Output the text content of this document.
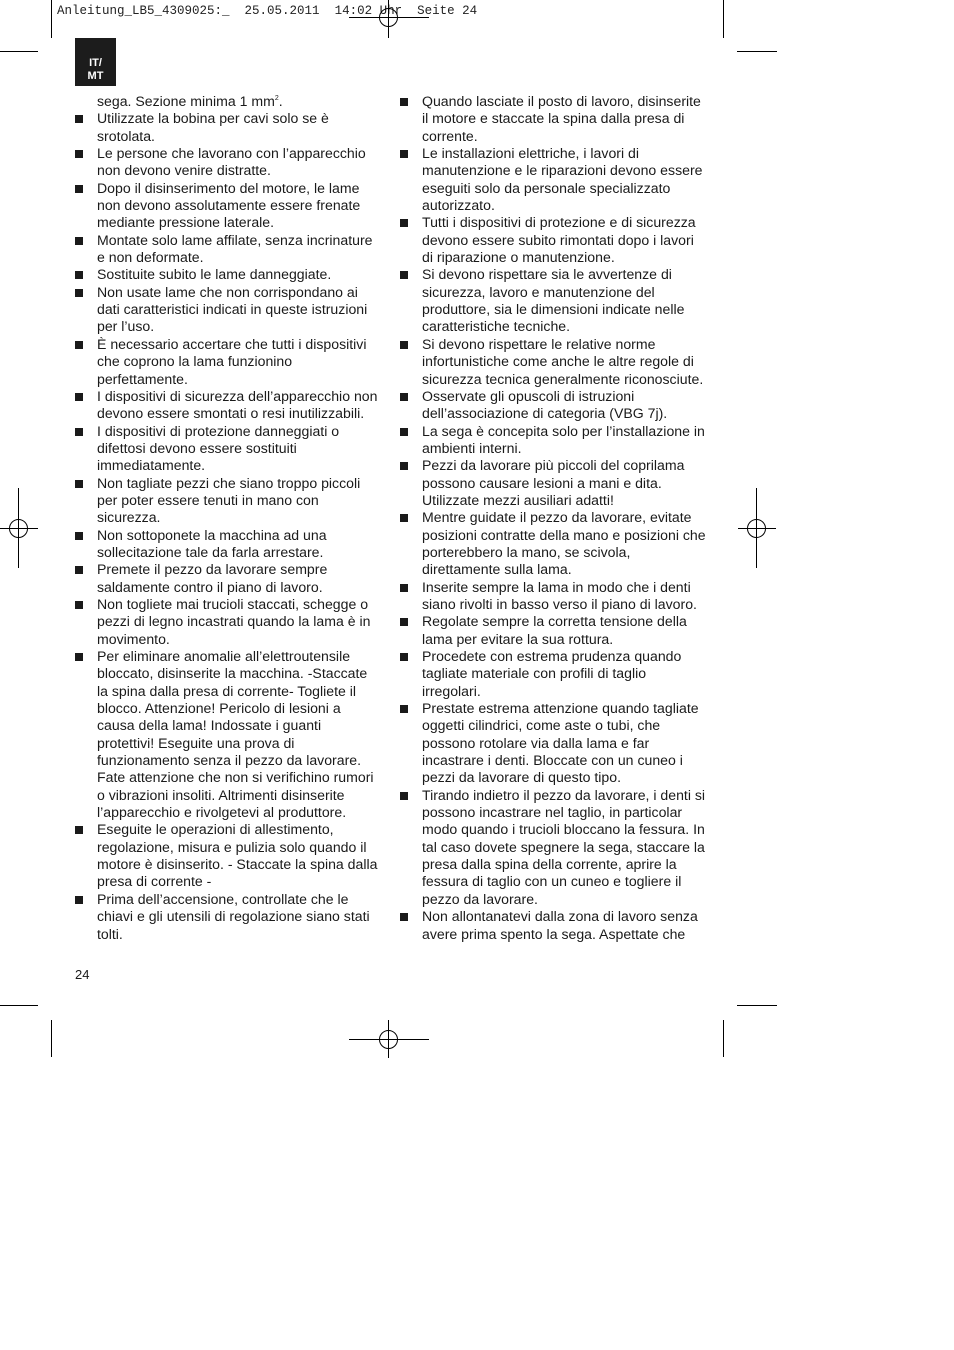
Anleitung_LB5_4309025:_ 25.05.2011 14:02 Uhr Seite 24
IT/
MT
sega. Sezione minima 1 $mm^2$.
Utilizzate la bobina per cavi solo se è srotolata.
Le persone che lavorano con l’apparecchio non devono venire distratte.
Dopo il disinserimento del motore, le lame non devono assolutamente essere frenate mediante pressione laterale.
Montate solo lame affilate, senza incrinature e non deformate.
Sostituite subito le lame danneggiate.
Non usate lame che non corrispondano ai dati caratteristici indicati in queste istruzioni per l’uso.
È necessario accertare che tutti i dispositivi che coprono la lama funzionino perfettamente.
I dispositivi di sicurezza dell’apparecchio non devono essere smontati o resi inutilizzabili.
I dispositivi di protezione danneggiati o difettosi devono essere sostituiti immediatamente.
Non tagliate pezzi che siano troppo piccoli per poter essere tenuti in mano con sicurezza.
Non sottoponete la macchina ad una sollecitazione tale da farla arrestare.
Premete il pezzo da lavorare sempre saldamente contro il piano di lavoro.
Non togliete mai trucioli staccati, schegge o pezzi di legno incastrati quando la lama è in movimento.
Per eliminare anomalie all’elettroutensile bloccato, disinserite la macchina. -Staccate la spina dalla presa di corrente- Togliete il blocco. Attenzione! Pericolo di lesioni a causa della lama! Indossate i guanti protettivi! Eseguite una prova di funzionamento senza il pezzo da lavorare. Fate attenzione che non si verifichino rumori o vibrazioni insoliti. Altrimenti disinserite l’apparecchio e rivolgetevi al produttore.
Eseguite le operazioni di allestimento, regolazione, misura e pulizia solo quando il motore è disinserito. - Staccate la spina dalla presa di corrente -
Prima dell’accensione, controllate che le chiavi e gli utensili di regolazione siano stati tolti.
Quando lasciate il posto di lavoro, disinserite il motore e staccate la spina dalla presa di corrente.
Le installazioni elettriche, i lavori di manutenzione e le riparazioni devono essere eseguiti solo da personale specializzato autorizzato.
Tutti i dispositivi di protezione e di sicurezza devono essere subito rimontati dopo i lavori di riparazione o manutenzione.
Si devono rispettare sia le avvertenze di sicurezza, lavoro e manutenzione del produttore, sia le dimensioni indicate nelle caratteristiche tecniche.
Si devono rispettare le relative norme infortunistiche come anche le altre regole di sicurezza tecnica generalmente riconosciute.
Osservate gli opuscoli di istruzioni dell’associazione di categoria (VBG 7j).
La sega è concepita solo per l’installazione in ambienti interni.
Pezzi da lavorare più piccoli del coprilama possono causare lesioni a mani e dita. Utilizzate mezzi ausiliari adatti!
Mentre guidate il pezzo da lavorare, evitate posizioni contratte della mano e posizioni che porterebbero la mano, se scivola, direttamente sulla lama.
Inserite sempre la lama in modo che i denti siano rivolti in basso verso il piano di lavoro.
Regolate sempre la corretta tensione della lama per evitare la sua rottura.
Procedete con estrema prudenza quando tagliate materiale con profili di taglio irregolari.
Prestate estrema attenzione quando tagliate oggetti cilindrici, come aste o tubi, che possono rotolare via dalla lama e far incastrare i denti. Bloccate con un cuneo i pezzi da lavorare di questo tipo.
Tirando indietro il pezzo da lavorare, i denti si possono incastrare nel taglio, in particolar modo quando i trucioli bloccano la fessura. In tal caso dovete spegnere la sega, staccare la presa dalla spina della corrente, aprire la fessura di taglio con un cuneo e togliere il pezzo da lavorare.
Non allontanatevi dalla zona di lavoro senza avere prima spento la sega. Aspettate che
24
